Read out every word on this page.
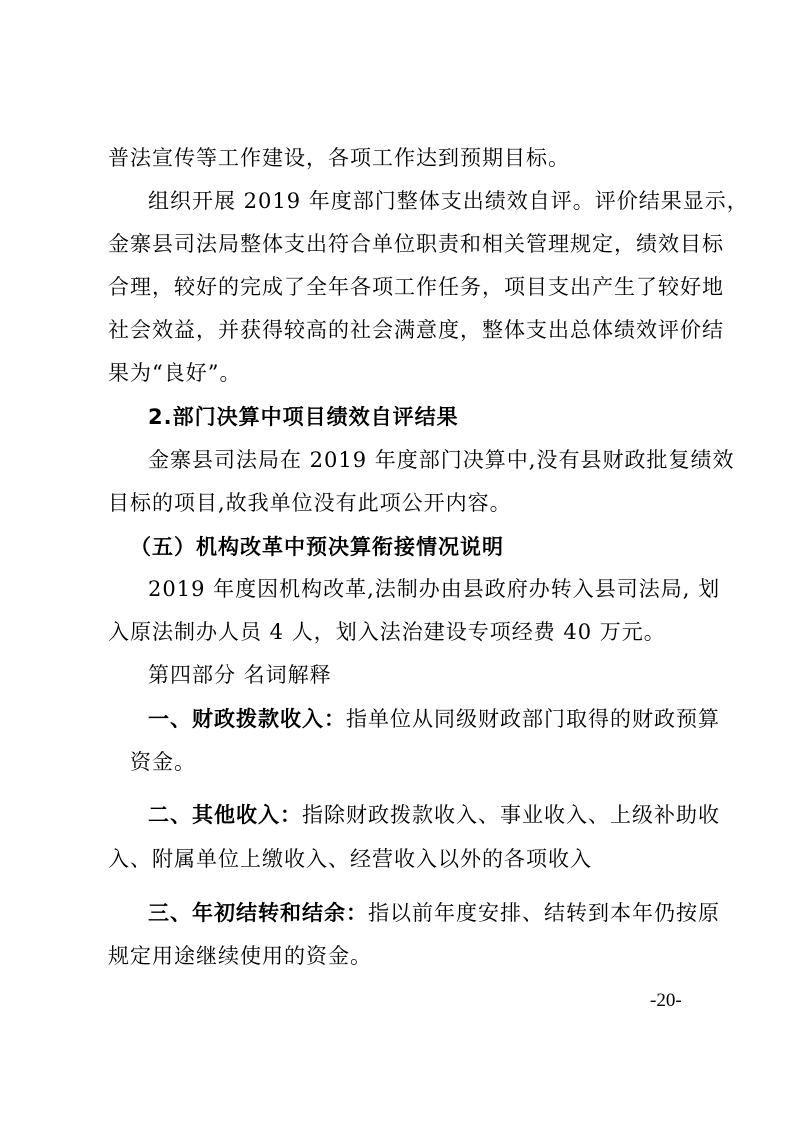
普法宣传等工作建设，各项工作达到预期目标。
组织开展 2019 年度部门整体支出绩效自评。评价结果显示，
金寨县司法局整体支出符合单位职责和相关管理规定，绩效目标
合理，较好的完成了全年各项工作任务，项目支出产生了较好地
社会效益，并获得较高的社会满意度，整体支出总体绩效评价结
果为“良好”。
2.部门决算中项目绩效自评结果
金寨县司法局在 2019 年度部门决算中,没有县财政批复绩效
目标的项目,故我单位没有此项公开内容。
（五）机构改革中预决算衔接情况说明
2019 年度因机构改革,法制办由县政府办转入县司法局, 划
入原法制办人员 4 人，划入法治建设专项经费 40 万元。
第四部分 名词解释
一、财政拨款收入：指单位从同级财政部门取得的财政预算
资金。
二、其他收入：指除财政拨款收入、事业收入、上级补助收
入、附属单位上缴收入、经营收入以外的各项收入
三、年初结转和结余：指以前年度安排、结转到本年仍按原
规定用途继续使用的资金。
-20-
